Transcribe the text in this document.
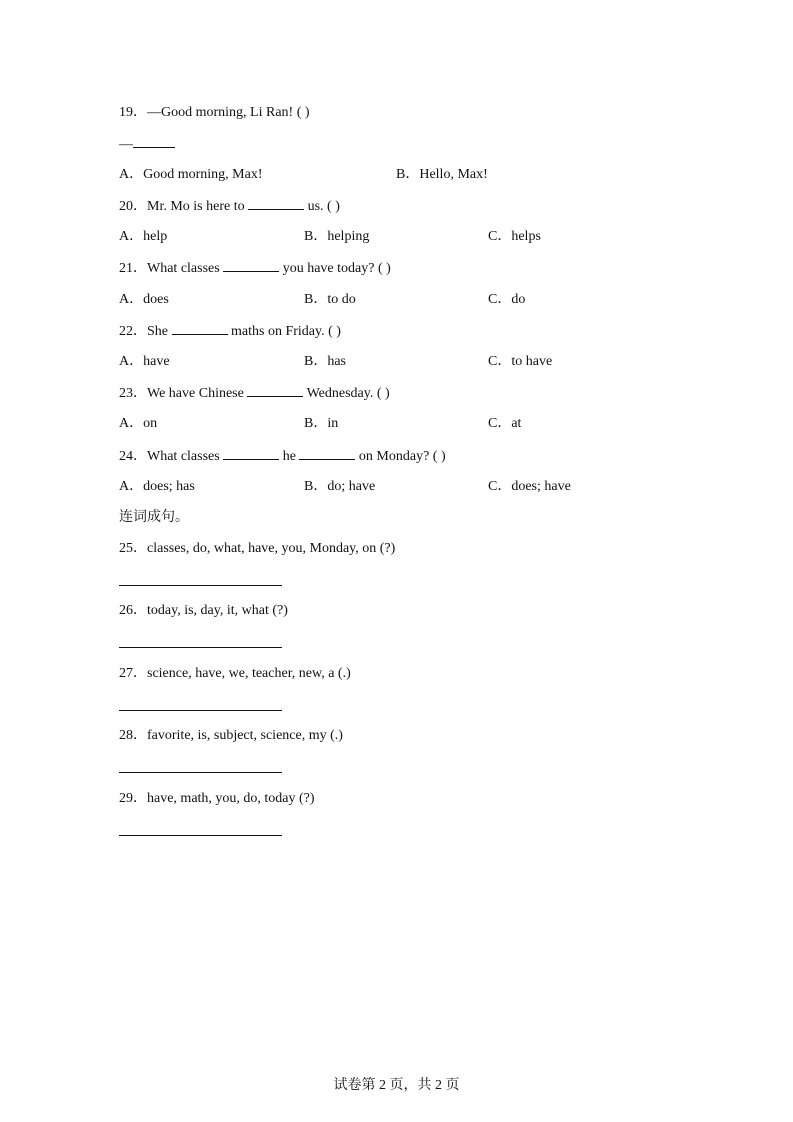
19．—Good morning, Li Ran! ( )
—
A．Good morning, Max!	B．Hello, Max!
20．Mr. Mo is here to	us. ( )
A．help	B．helping	C．helps
21．What classes	you have today? ( )
A．does	B．to do	C．do
22．She	maths on Friday. ( )
A．have	B．has	C．to have
23．We have Chinese	Wednesday. ( )
A．on	B．in	C．at
24．What classes	he	on Monday? ( )
A．does; has	B．do; have	C．does; have
连词成句。
25．classes, do, what, have, you, Monday, on (?)
26．today, is, day, it, what (?)
27．science, have, we, teacher, new, a (.)
28．favorite, is, subject, science, my (.)
29．have, math, you, do, today (?)
试卷第 2 页，共 2 页
